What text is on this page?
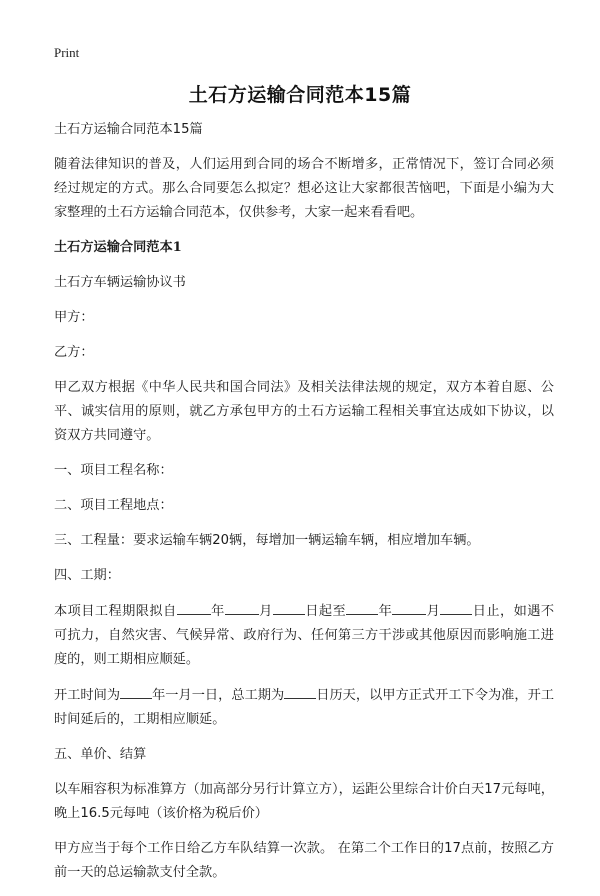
Print
土石方运输合同范本15篇

土石方运输合同范本15篇

随着法律知识的普及，人们运用到合同的场合不断增多，正常情况下，签订合同必须经过规定的方式。那么合同要怎么拟定？想必这让大家都很苦恼吧，下面是小编为大家整理的土石方运输合同范本，仅供参考，大家一起来看看吧。

土石方运输合同范本1

土石方车辆运输协议书

甲方：

乙方：

甲乙双方根据《中华人民共和国合同法》及相关法律法规的规定，双方本着自愿、公平、诚实信用的原则，就乙方承包甲方的土石方运输工程相关事宜达成如下协议，以资双方共同遵守。

一、项目工程名称：

二、项目工程地点：

三、工程量：要求运输车辆20辆，每增加一辆运输车辆，相应增加车辆。

四、工期：

本项目工程期限拟自	年	月 日起至 年	月 日止，如遇不可抗力，自然灾害、气候异常、政府行为、任何第三方干涉或其他原因而影响施工进度的，则工期相应顺延。

开工时间为 年一月一日，总工期为 日历天，以甲方正式开工下令为准，开工时间延后的，工期相应顺延。

五、单价、结算

以车厢容积为标准算方（加高部分另行计算立方），运距公里综合计价白天17元每吨，晚上16.5元每吨（该价格为税后价）

甲方应当于每个工作日给乙方车队结算一次款。 在第二个工作日的17点前，按照乙方前一天的总运输款支付全款。
